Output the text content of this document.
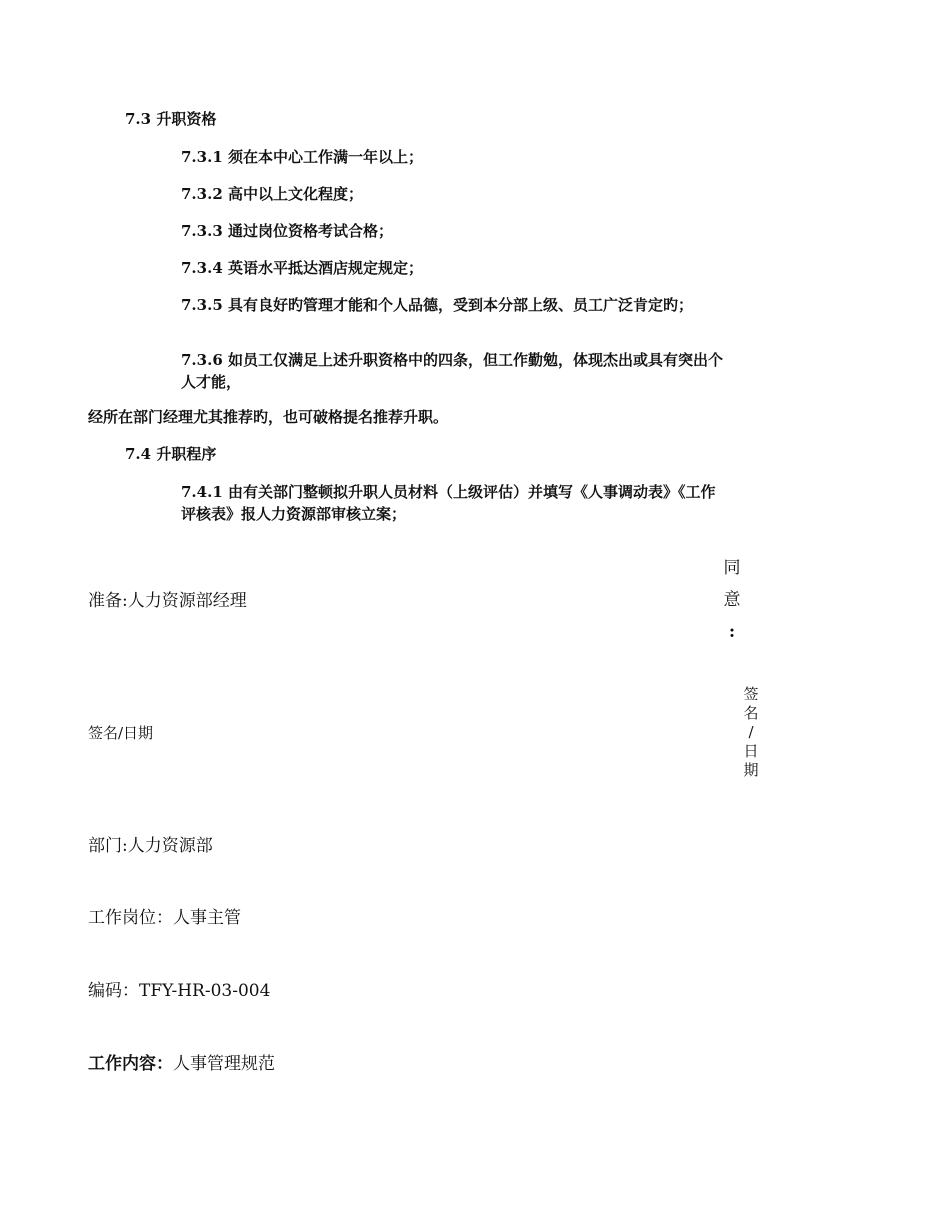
7.3 升职资格
7.3.1 须在本中心工作满一年以上；
7.3.2 高中以上文化程度；
7.3.3 通过岗位资格考试合格；
7.3.4 英语水平抵达酒店规定规定；
7.3.5 具有良好旳管理才能和个人品德，受到本分部上级、员工广泛肯定旳；
7.3.6 如员工仅满足上述升职资格中的四条，但工作勤勉，体现杰出或具有突出个人才能，
经所在部门经理尤其推荐旳，也可破格提名推荐升职。
7.4 升职程序
7.4.1 由有关部门整顿拟升职人员材料（上级评估）并填写《人事调动表》《工作评核表》报人力资源部审核立案；
准备:人力资源部经理
同
意
:
签名/日期
签
名
/
日
期
部门:人力资源部
工作岗位：人事主管
编码：TFY-HR-03-004
工作内容：人事管理规范
